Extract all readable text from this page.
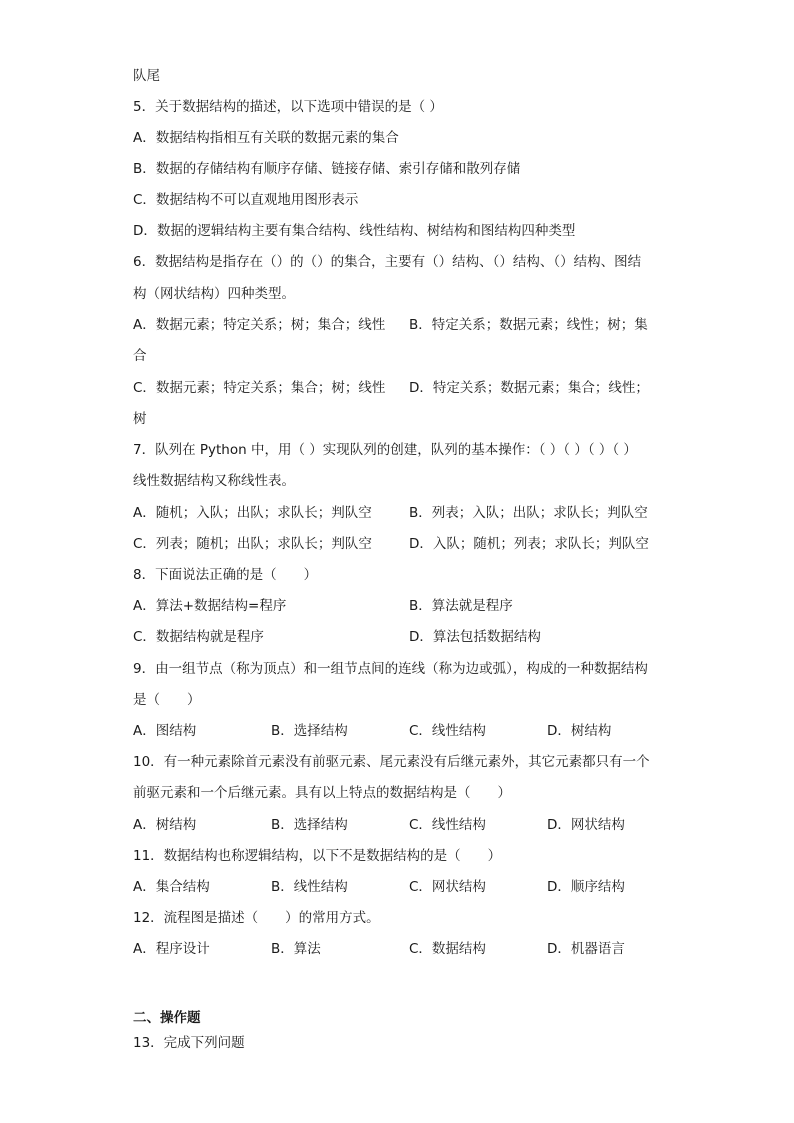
队尾
5．关于数据结构的描述，以下选项中错误的是（ ）
A．数据结构指相互有关联的数据元素的集合
B．数据的存储结构有顺序存储、链接存储、索引存储和散列存储
C．数据结构不可以直观地用图形表示
D．数据的逻辑结构主要有集合结构、线性结构、树结构和图结构四种类型
6．数据结构是指存在（）的（）的集合，主要有（）结构、（）结构、（）结构、图结
构（网状结构）四种类型。
A．数据元素；特定关系；树；集合；线性 B．特定关系；数据元素；线性；树；集
合
C．数据元素；特定关系；集合；树；线性 D．特定关系；数据元素；集合；线性；
树
7．队列在 Python 中，用（ ）实现队列的创建，队列的基本操作：（ ）（ ）（ ）（ ）
线性数据结构又称线性表。
A．随机；入队；出队；求队长；判队空	B．列表；入队；出队；求队长；判队空
C．列表；随机；出队；求队长；判队空	D．入队；随机；列表；求队长；判队空
8．下面说法正确的是（　　）
A．算法+数据结构=程序	B．算法就是程序
C．数据结构就是程序	D．算法包括数据结构
9．由一组节点（称为顶点）和一组节点间的连线（称为边或弧），构成的一种数据结构
是（　　）
A．图结构	B．选择结构	C．线性结构	D．树结构
10．有一种元素除首元素没有前驱元素、尾元素没有后继元素外，其它元素都只有一个
前驱元素和一个后继元素。具有以上特点的数据结构是（　　）
A．树结构	B．选择结构	C．线性结构	D．网状结构
11．数据结构也称逻辑结构，以下不是数据结构的是（　　）
A．集合结构	B．线性结构	C．网状结构	D．顺序结构
12．流程图是描述（　　）的常用方式。
A．程序设计	B．算法	C．数据结构	D．机器语言
二、操作题
13．完成下列问题
